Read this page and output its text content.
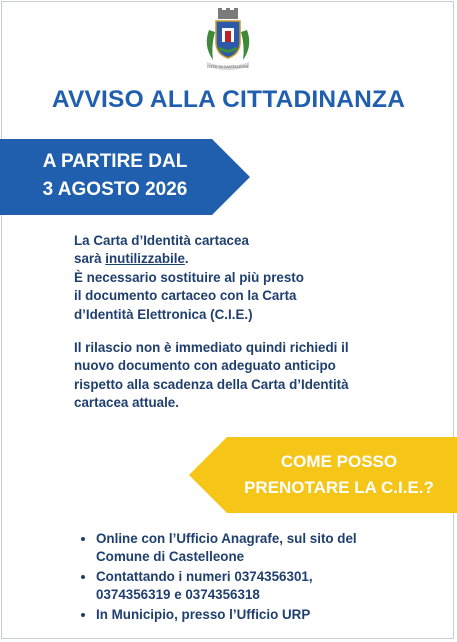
CITTA' DI CASTELLEONE
AVVISO ALLA CITTADINANZA
A PARTIRE DAL
3 AGOSTO 2026
La Carta d’Identità cartacea
sarà inutilizzabile.
È necessario sostituire al più presto
il documento cartaceo con la Carta
d’Identità Elettronica (C.I.E.)
Il rilascio non è immediato quindi richiedi il
nuovo documento con adeguato anticipo
rispetto alla scadenza della Carta d’Identità
cartacea attuale.
COME POSSO
PRENOTARE LA C.I.E.?
• Online con l’Ufficio Anagrafe, sul sito del
Comune di Castelleone
• Contattando i numeri 0374356301,
0374356319 e 0374356318
• In Municipio, presso l’Ufficio URP
